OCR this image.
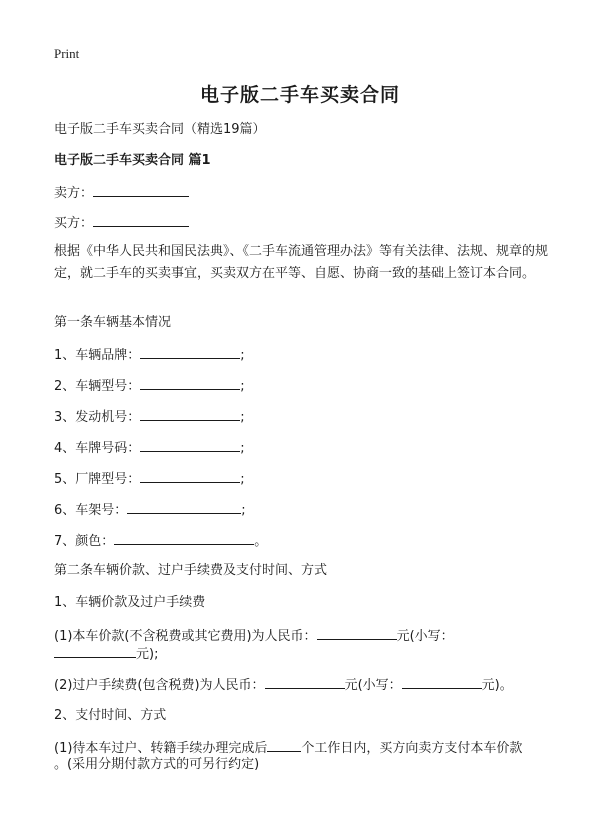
Print
电子版二手车买卖合同
电子版二手车买卖合同（精选19篇）
电子版二手车买卖合同 篇1
卖方：
买方：
根据《中华人民共和国民法典》、《二手车流通管理办法》等有关法律、法规、规章的规定，就二手车的买卖事宜，买卖双方在平等、自愿、协商一致的基础上签订本合同。
第一条车辆基本情况
1、车辆品牌：	;
2、车辆型号：	;
3、发动机号：	;
4、车牌号码：	;
5、厂牌型号：	;
6、车架号：	;
7、颜色：	。
第二条车辆价款、过户手续费及支付时间、方式
1、车辆价款及过户手续费
(1)本车价款(不含税费或其它费用)为人民币：	元(小写：
元);
(2)过户手续费(包含税费)为人民币：	元(小写：	元)。
2、支付时间、方式
(1)待本车过户、转籍手续办理完成后	个工作日内，买方向卖方支付本车价款
。(采用分期付款方式的可另行约定)
